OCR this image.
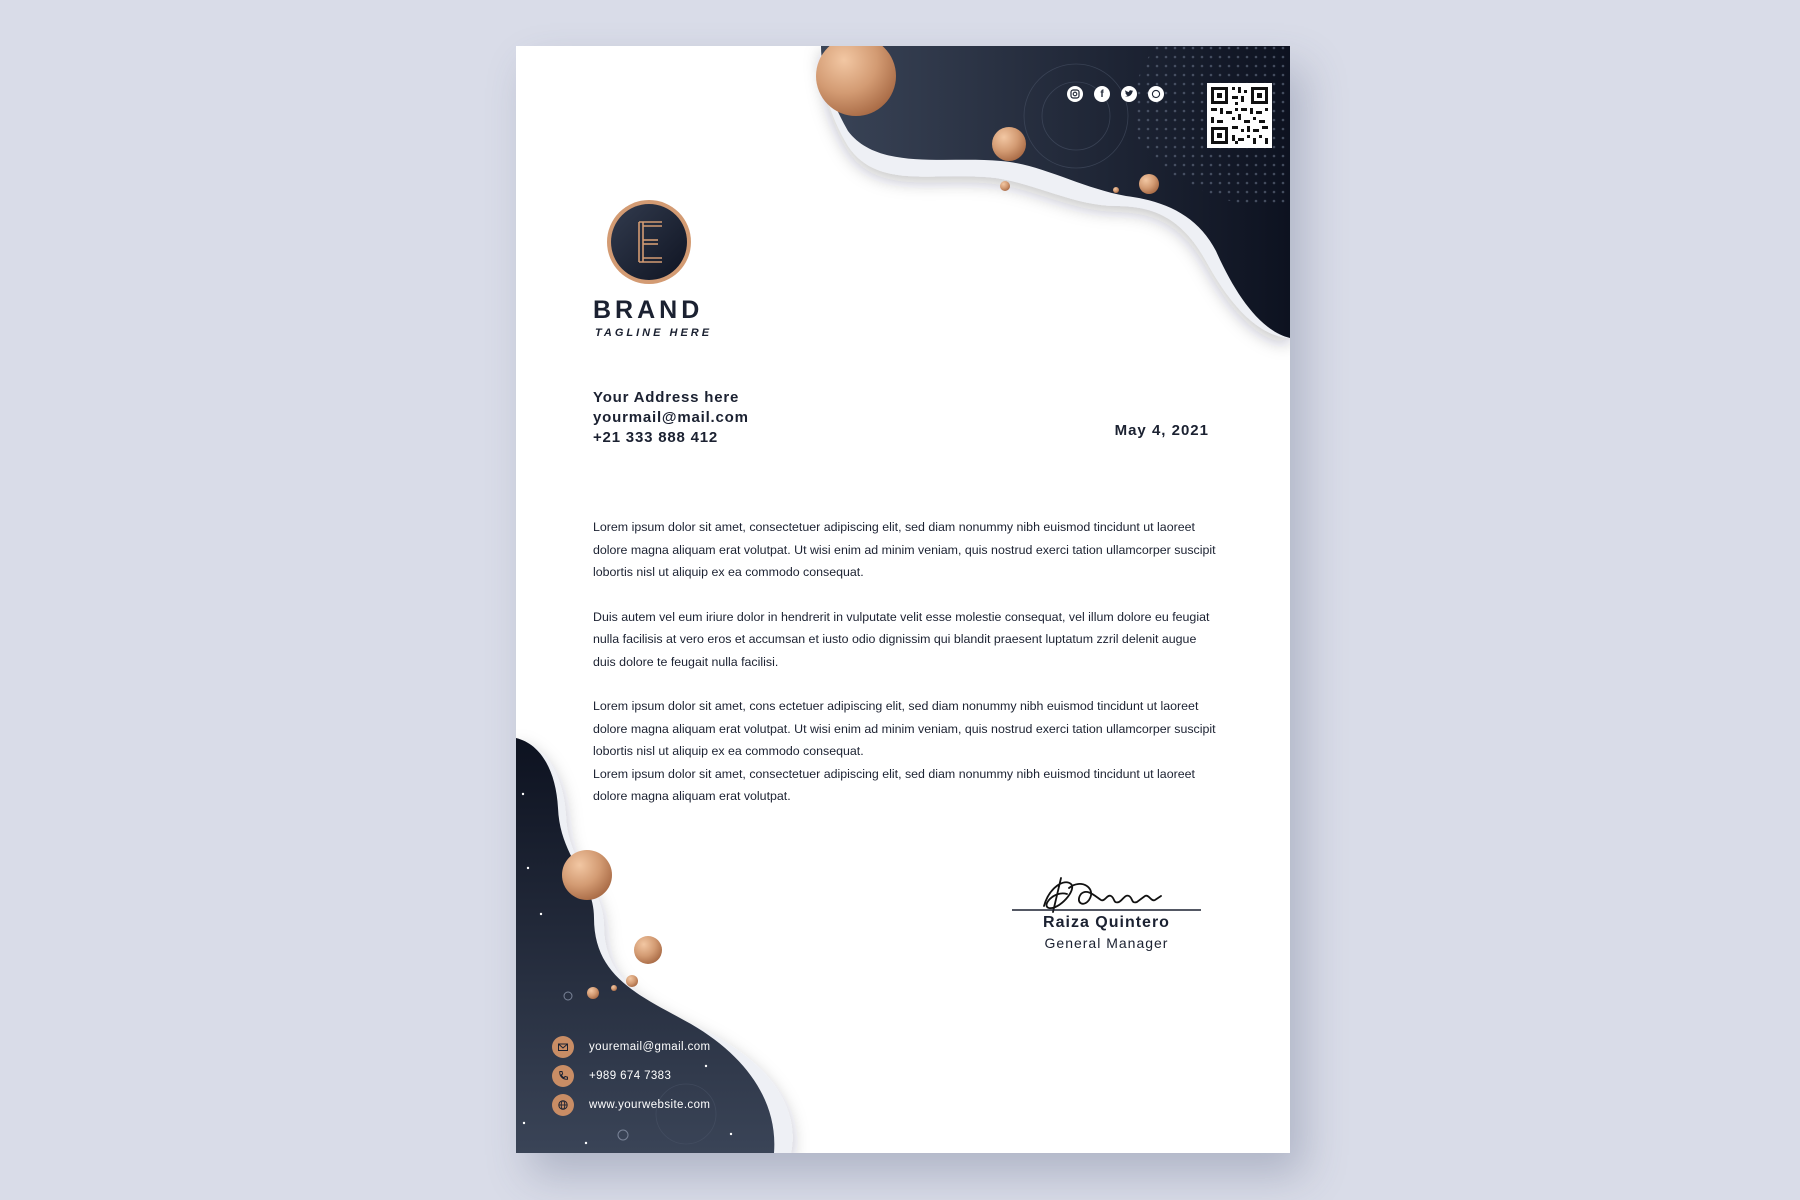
BRAND
TAGLINE HERE
f
Your Address here
yourmail@mail.com
+21 333 888 412	May 4, 2021

Lorem ipsum dolor sit amet, consectetuer adipiscing elit, sed diam nonummy nibh euismod tincidunt ut laoreet dolore magna aliquam erat volutpat. Ut wisi enim ad minim veniam, quis nostrud exerci tation ullamcorper suscipit lobortis nisl ut aliquip ex ea commodo consequat.

Duis autem vel eum iriure dolor in hendrerit in vulputate velit esse molestie consequat, vel illum dolore eu feugiat nulla facilisis at vero eros et accumsan et iusto odio dignissim qui blandit praesent luptatum zzril delenit augue duis dolore te feugait nulla facilisi.

Lorem ipsum dolor sit amet, cons ectetuer adipiscing elit, sed diam nonummy nibh euismod tincidunt ut laoreet dolore magna aliquam erat volutpat. Ut wisi enim ad minim veniam, quis nostrud exerci tation ullamcorper suscipit lobortis nisl ut aliquip ex ea commodo consequat.

Lorem ipsum dolor sit amet, consectetuer adipiscing elit, sed diam nonummy nibh euismod tincidunt ut laoreet dolore magna aliquam erat volutpat.

Raiza Quintero
General Manager
youremail@gmail.com
+989 674 7383
www.yourwebsite.com
